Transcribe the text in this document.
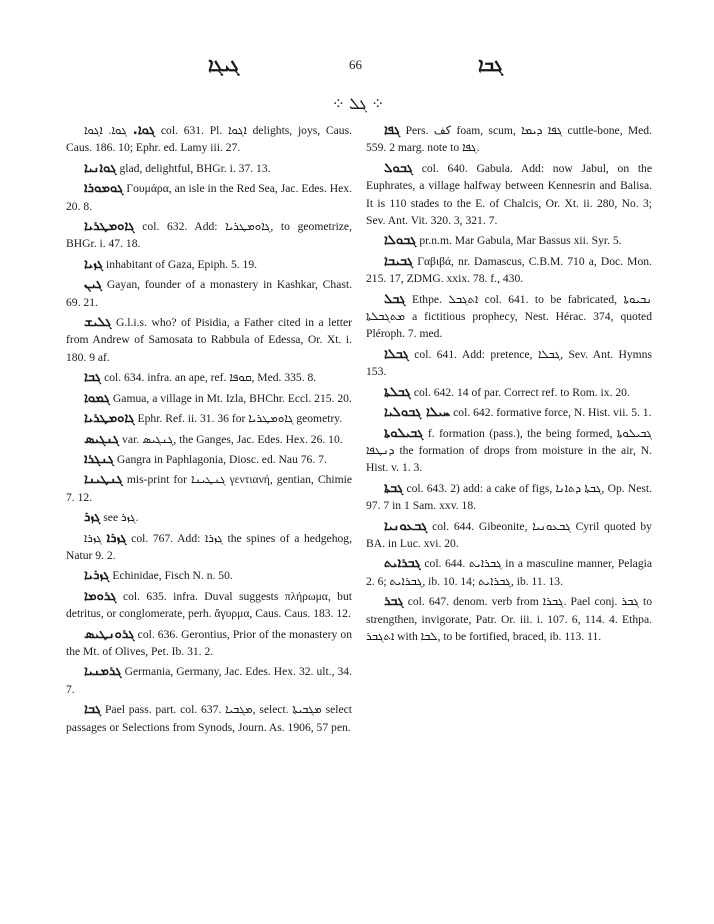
ܓܝܓܐ	66	ܓܒܐ
⁘ ܓܠ ⁘

ܓܘܐ. ܓܘܐ. ܐܓܘܐ col. 631. Pl. ܐܓܘܐ delights, joys, Caus. Caus. 186. 10; Ephr. ed. Lamy iii. 27.

ܓܘܐܢܝܐ glad, delightful, BHGr. i. 37. 13.

ܓܘܡܘܪܐ Γουμάρα, an isle in the Red Sea, Jac. Edes. Hex. 20. 8.

ܓܐܘܡܛܪܝܐ col. 632. Add: ܓܐܘܡܛܪܝܐ, to geometrize, BHGr. i. 47. 18.

ܓܙܝܐ inhabitant of Gaza, Epiph. 5. 19.

ܓܝܢ Gayan, founder of a monastery in Kashkar, Chast. 69. 21.

ܓܠܝܫ G.l.i.s. who? of Pisidia, a Father cited in a letter from Andrew of Samosata to Rabbula of Edessa, Or. Xt. i. 180. 9 af.

ܓܒܐ col. 634. infra. an ape, ref. ܩܘܦܐ, Med. 335. 8.

ܓܡܘܐ Gamua, a village in Mt. Izla, BHChr. Eccl. 215. 20.

ܓܐܘܡܛܪܝܐ Ephr. Ref. ii. 31. 36 for ܓܐܘܡܛܪܝܐ geometry.

ܓܢܓܝܣ var. ܓܢܓܝܣ, the Ganges, Jac. Edes. Hex. 26. 10.

ܓܢܓܪܐ Gangra in Paphlagonia, Diosc. ed. Nau 76. 7.

ܓܢܛܝܢܐ mis-print for ܓܢܛܝܢܐ γεντιανή, gentian, Chimie 7. 12.

ܓܙܪ see ܓܙܪ.

ܓܙܪܐ ܓܙܪܐ col. 767. Add: ܓܙܪܐ the spines of a hedgehog, Natur 9. 2.

ܓܙܪܝܐ Echinidae, Fisch N. n. 50.

ܓܪܘܡܐ col. 635. infra. Duval suggests πλήρωμα, but detritus, or conglomerate, perh. ἄγυρμα, Caus. Caus. 183. 12.

ܓܪܘܢܛܝܣ col. 636. Gerontius, Prior of the monastery on the Mt. of Olives, Pet. Ib. 31. 2.

ܓܪܡܢܝܐ Germania, Germany, Jac. Edes. Hex. 32. ult., 34. 7.

ܓܒܐ Pael pass. part. col. 637. ܡܓܒܝܐ, select. ܡܓܒܝܬܐ select passages or Selections from Synods, Journ. As. 1906, 57 pen.

ܓܦܐ Pers. كف foam, scum, ܓܦܐ ܕܝܡܐ cuttle-bone, Med. 559. 2 marg. note to ܓܦܐ.

ܓܒܘܠ col. 640. Gabula. Add: now Jabul, on the Euphrates, a village halfway between Kennesrin and Balisa. It is 110 stades to the E. of Chalcis, Or. Xt. ii. 280, No. 3; Sev. Ant. Vit. 320. 3, 321. 7.

ܓܒܘܠܐ pr.n.m. Mar Gabula, Mar Bassus xii. Syr. 5.

ܓܒܝܒܐ Γαβιβά, nr. Damascus, C.B.M. 710 a, Doc. Mon. 215. 17, ZDMG. xxix. 78. f., 430.

ܓܒܠ Ethpe. ܐܬܓܒܠ col. 641. to be fabricated, ܢܒܝܘܬܐ ܡܬܓܒܠܬܐ a fictitious prophecy, Nest. Hérac. 374, quoted Pléroph. 7. med.

ܓܒܠܐ col. 641. Add: pretence, ܓܒܠܐ, Sev. Ant. Hymns 153.

ܓܒܠܬܐ col. 642. 14 of par. Correct ref. to Rom. ix. 20.

ܚܝܠܐ ܓܒܘܠܝܐ col. 642. formative force, N. Hist. vii. 5. 1.

ܓܒܝܠܘܬܐ f. formation (pass.), the being formed, ܓܒܝܠܘܬܐ ܕܢܛܦܐ the formation of drops from moisture in the air, N. Hist. v. 1. 3.

ܓܒܬܐ col. 643. 2) add: a cake of figs, ܓܒܬܐ ܕܬܐܢܐ, Op. Nest. 97. 7 in 1 Sam. xxv. 18.

ܓܒܥܘܢܝܐ col. 644. Gibeonite, ܓܒܥܘܢܝܐ Cyril quoted by BA. in Luc. xvi. 20.

ܓܒܪܐܝܬ col. 644. ܓܒܪܐܝܬ in a masculine manner, Pelagia 2. 6; ܓܒܪܐܝܬ, ib. 10. 14; ܓܒܪܐܝܬ, ib. 11. 13.

ܓܒܪ col. 647. denom. verb from ܓܒܪܐ. Pael conj. ܓܒܪ to strengthen, invigorate, Patr. Or. iii. i. 107. 6, 114. 4. Ethpa. ܐܬܓܒܪ with ܠܒܐ, to be fortified, braced, ib. 113. 11.
